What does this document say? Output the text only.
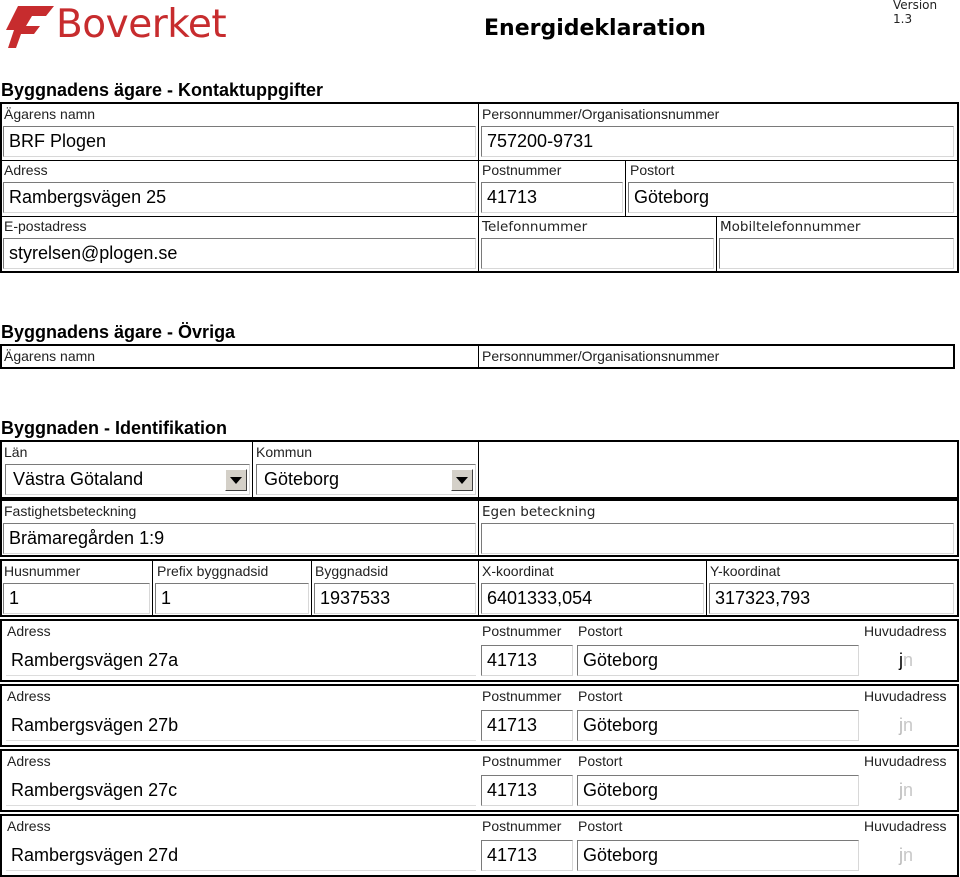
Boverket	Energideklaration
Version 1.3
Byggnadens ägare - Kontaktuppgifter
Ägarens namn
BRF Plogen
Personnummer/Organisationsnummer
757200-9731
Adress
Rambergsvägen 25
Postnummer
41713
Postort
Göteborg
E-postadress
styrelsen@plogen.se
Telefonnummer	Mobiltelefonnummer
Byggnadens ägare - Övriga
Ägarens namn	Personnummer/Organisationsnummer
Byggnaden - Identifikation
Län
Västra Götaland
Kommun
Göteborg
Fastighetsbeteckning
Brämaregården 1:9
Egen beteckning
Husnummer
1
Prefix byggnadsid
1
Byggnadsid
1937533
X-koordinat
6401333,054
Y-koordinat
317323,793
Adress
Rambergsvägen 27a
Postnummer
41713
Postort
Göteborg
Huvudadress
jn
Adress
Rambergsvägen 27b
Postnummer
41713
Postort
Göteborg
Huvudadress
jn
Adress
Rambergsvägen 27c
Postnummer
41713
Postort
Göteborg
Huvudadress
jn
Adress
Rambergsvägen 27d
Postnummer
41713
Postort
Göteborg
Huvudadress
jn
